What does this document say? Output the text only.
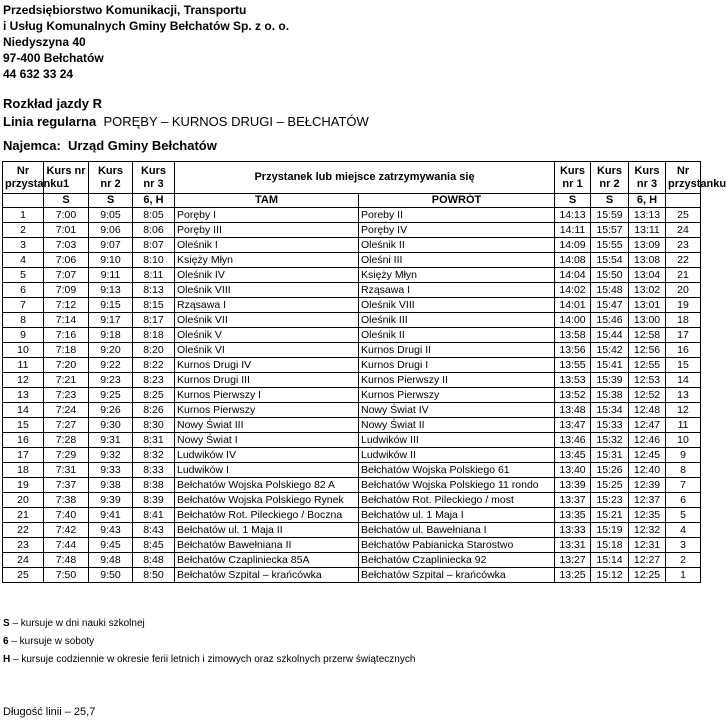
Przedsiębiorstwo Komunikacji, Transportu
i Usług Komunalnych Gminy Bełchatów Sp. z o. o.
Niedyszyna 40
97-400 Bełchatów
44 632 33 24
Rozkład jazdy R
Linia regularna PORĘBY – KURNOS DRUGI – BEŁCHATÓW
Najemca: Urząd Gminy Bełchatów
Nr przystanku	Kurs nr 1	Kurs nr 2	Kurs nr 3	Przystanek lub miejsce zatrzymywania się		Kurs nr 1	Kurs nr 2	Kurs nr 3	Nr przystanku
	S	S	6, H	TAM	POWRÓT	S	S	6, H	
1	7:00	9:05	8:05	Poręby I	Poreby II	14:13	15:59	13:13	25
2	7:01	9:06	8:06	Poręby III	Poręby IV	14:11	15:57	13:11	24
3	7:03	9:07	8:07	Oleśnik I	Oleśnik II	14:09	15:55	13:09	23
4	7:06	9:10	8:10	Księży Młyn	Oleśni III	14:08	15:54	13:08	22
5	7:07	9:11	8:11	Oleśnik IV	Księży Młyn	14:04	15:50	13:04	21
6	7:09	9:13	8:13	Oleśnik VIII	Rząsawa I	14:02	15:48	13:02	20
7	7:12	9:15	8:15	Rząsawa I	Oleśnik VIII	14:01	15:47	13:01	19
8	7:14	9:17	8:17	Oleśnik VII	Oleśnik III	14:00	15:46	13:00	18
9	7:16	9:18	8:18	Oleśnik V	Oleśnik II	13:58	15:44	12:58	17
10	7:18	9:20	8:20	Oleśnik VI	Kurnos Drugi II	13:56	15:42	12:56	16
11	7:20	9:22	8:22	Kurnos Drugi IV	Kurnos Drugi I	13:55	15:41	12:55	15
12	7:21	9:23	8:23	Kurnos Drugi III	Kurnos Pierwszy II	13:53	15:39	12:53	14
13	7:23	9:25	8:25	Kurnos Pierwszy I	Kurnos Pierwszy	13:52	15:38	12:52	13
14	7:24	9:26	8:26	Kurnos Pierwszy	Nowy Świat IV	13:48	15:34	12:48	12
15	7:27	9:30	8:30	Nowy Świat III	Nowy Świat II	13:47	15:33	12:47	11
16	7:28	9:31	8:31	Nowy Świat I	Ludwików III	13:46	15:32	12:46	10
17	7:29	9:32	8:32	Ludwików IV	Ludwików II	13:45	15:31	12:45	9
18	7:31	9:33	8:33	Ludwików I	Bełchatów Wojska Polskiego 61	13:40	15:26	12:40	8
19	7:37	9:38	8:38	Bełchatów Wojska Polskiego 82 A	Bełchatów Wojska Polskiego 11 rondo	13:39	15:25	12:39	7
20	7:38	9:39	8:39	Bełchatów Wojska Polskiego Rynek	Bełchatów Rot. Pileckiego / most	13:37	15:23	12:37	6
21	7:40	9:41	8:41	Bełchatów Rot. Pileckiego / Boczna	Bełchatów ul. 1 Maja I	13:35	15:21	12:35	5
22	7:42	9:43	8:43	Bełchatów ul. 1 Maja II	Bełchatów ul. Bawełniana I	13:33	15:19	12:32	4
23	7:44	9:45	8:45	Bełchatów Bawełniana II	Bełchatów Pabianicka Starostwo	13:31	15:18	12:31	3
24	7:48	9:48	8:48	Bełchatów Czapliniecka 85A	Bełchatów Czapliniecka 92	13:27	15:14	12:27	2
25	7:50	9:50	8:50	Bełchatów Szpital – krańcówka	Bełchatów Szpital – krańcówka	13:25	15:12	12:25	1
S – kursuje w dni nauki szkolnej
6 – kursuje w soboty
H – kursuje codziennie w okresie ferii letnich i zimowych oraz szkolnych przerw świątecznych
Długość linii – 25,7
